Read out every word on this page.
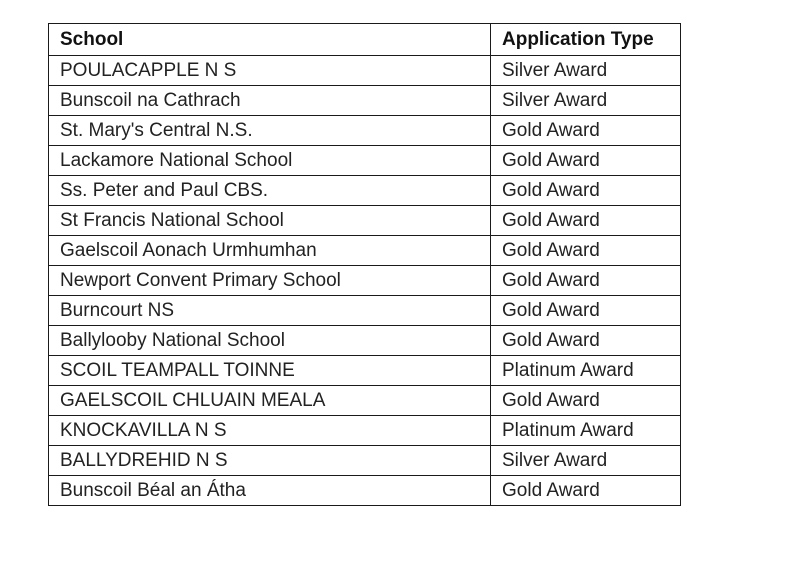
School	Application Type
POULACAPPLE N S	Silver Award
Bunscoil na Cathrach	Silver Award
St. Mary's Central N.S.	Gold Award
Lackamore National School	Gold Award
Ss. Peter and Paul CBS.	Gold Award
St Francis National School	Gold Award
Gaelscoil Aonach Urmhumhan	Gold Award
Newport Convent Primary School	Gold Award
Burncourt NS	Gold Award
Ballylooby National School	Gold Award
SCOIL TEAMPALL TOINNE	Platinum Award
GAELSCOIL CHLUAIN MEALA	Gold Award
KNOCKAVILLA N S	Platinum Award
BALLYDREHID N S	Silver Award
Bunscoil Béal an Átha	Gold Award
